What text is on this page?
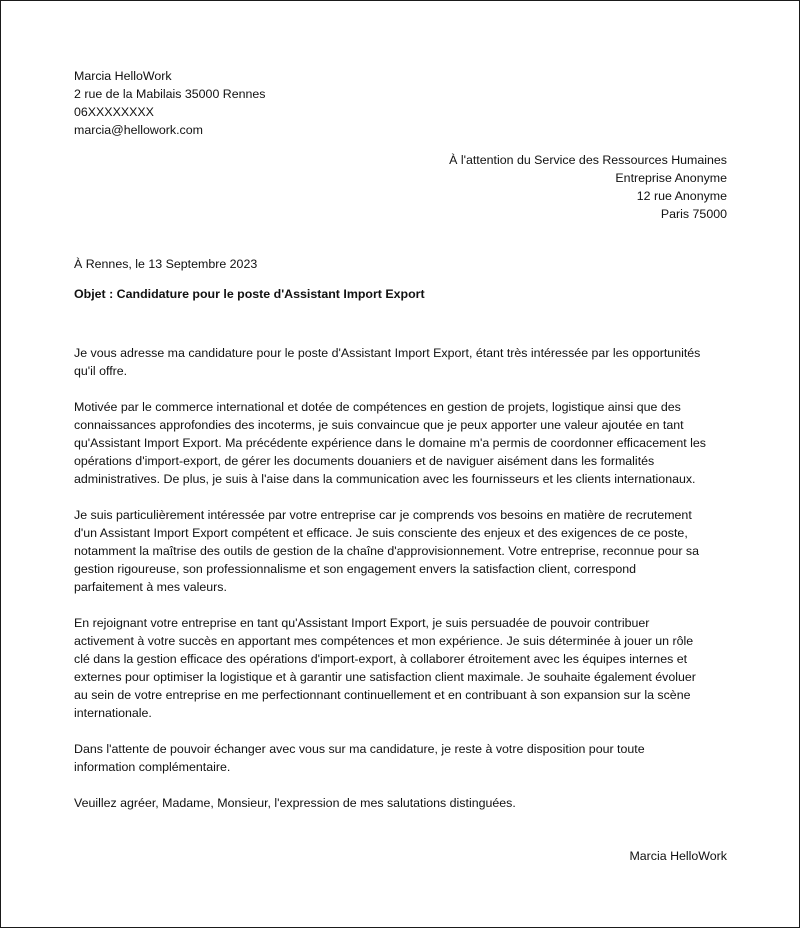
Marcia HelloWork
2 rue de la Mabilais 35000 Rennes
06XXXXXXXX
marcia@hellowork.com
À l'attention du Service des Ressources Humaines
Entreprise Anonyme
12 rue Anonyme
Paris 75000
À Rennes, le 13 Septembre 2023
Objet : Candidature pour le poste d'Assistant Import Export
Je vous adresse ma candidature pour le poste d'Assistant Import Export, étant très intéressée par les opportunités
qu'il offre.
Motivée par le commerce international et dotée de compétences en gestion de projets, logistique ainsi que des
connaissances approfondies des incoterms, je suis convaincue que je peux apporter une valeur ajoutée en tant
qu'Assistant Import Export. Ma précédente expérience dans le domaine m'a permis de coordonner efficacement les
opérations d'import-export, de gérer les documents douaniers et de naviguer aisément dans les formalités
administratives. De plus, je suis à l'aise dans la communication avec les fournisseurs et les clients internationaux.
Je suis particulièrement intéressée par votre entreprise car je comprends vos besoins en matière de recrutement
d'un Assistant Import Export compétent et efficace. Je suis consciente des enjeux et des exigences de ce poste,
notamment la maîtrise des outils de gestion de la chaîne d'approvisionnement. Votre entreprise, reconnue pour sa
gestion rigoureuse, son professionnalisme et son engagement envers la satisfaction client, correspond
parfaitement à mes valeurs.
En rejoignant votre entreprise en tant qu'Assistant Import Export, je suis persuadée de pouvoir contribuer
activement à votre succès en apportant mes compétences et mon expérience. Je suis déterminée à jouer un rôle
clé dans la gestion efficace des opérations d'import-export, à collaborer étroitement avec les équipes internes et
externes pour optimiser la logistique et à garantir une satisfaction client maximale. Je souhaite également évoluer
au sein de votre entreprise en me perfectionnant continuellement et en contribuant à son expansion sur la scène
internationale.
Dans l'attente de pouvoir échanger avec vous sur ma candidature, je reste à votre disposition pour toute
information complémentaire.
Veuillez agréer, Madame, Monsieur, l'expression de mes salutations distinguées.
Marcia HelloWork
